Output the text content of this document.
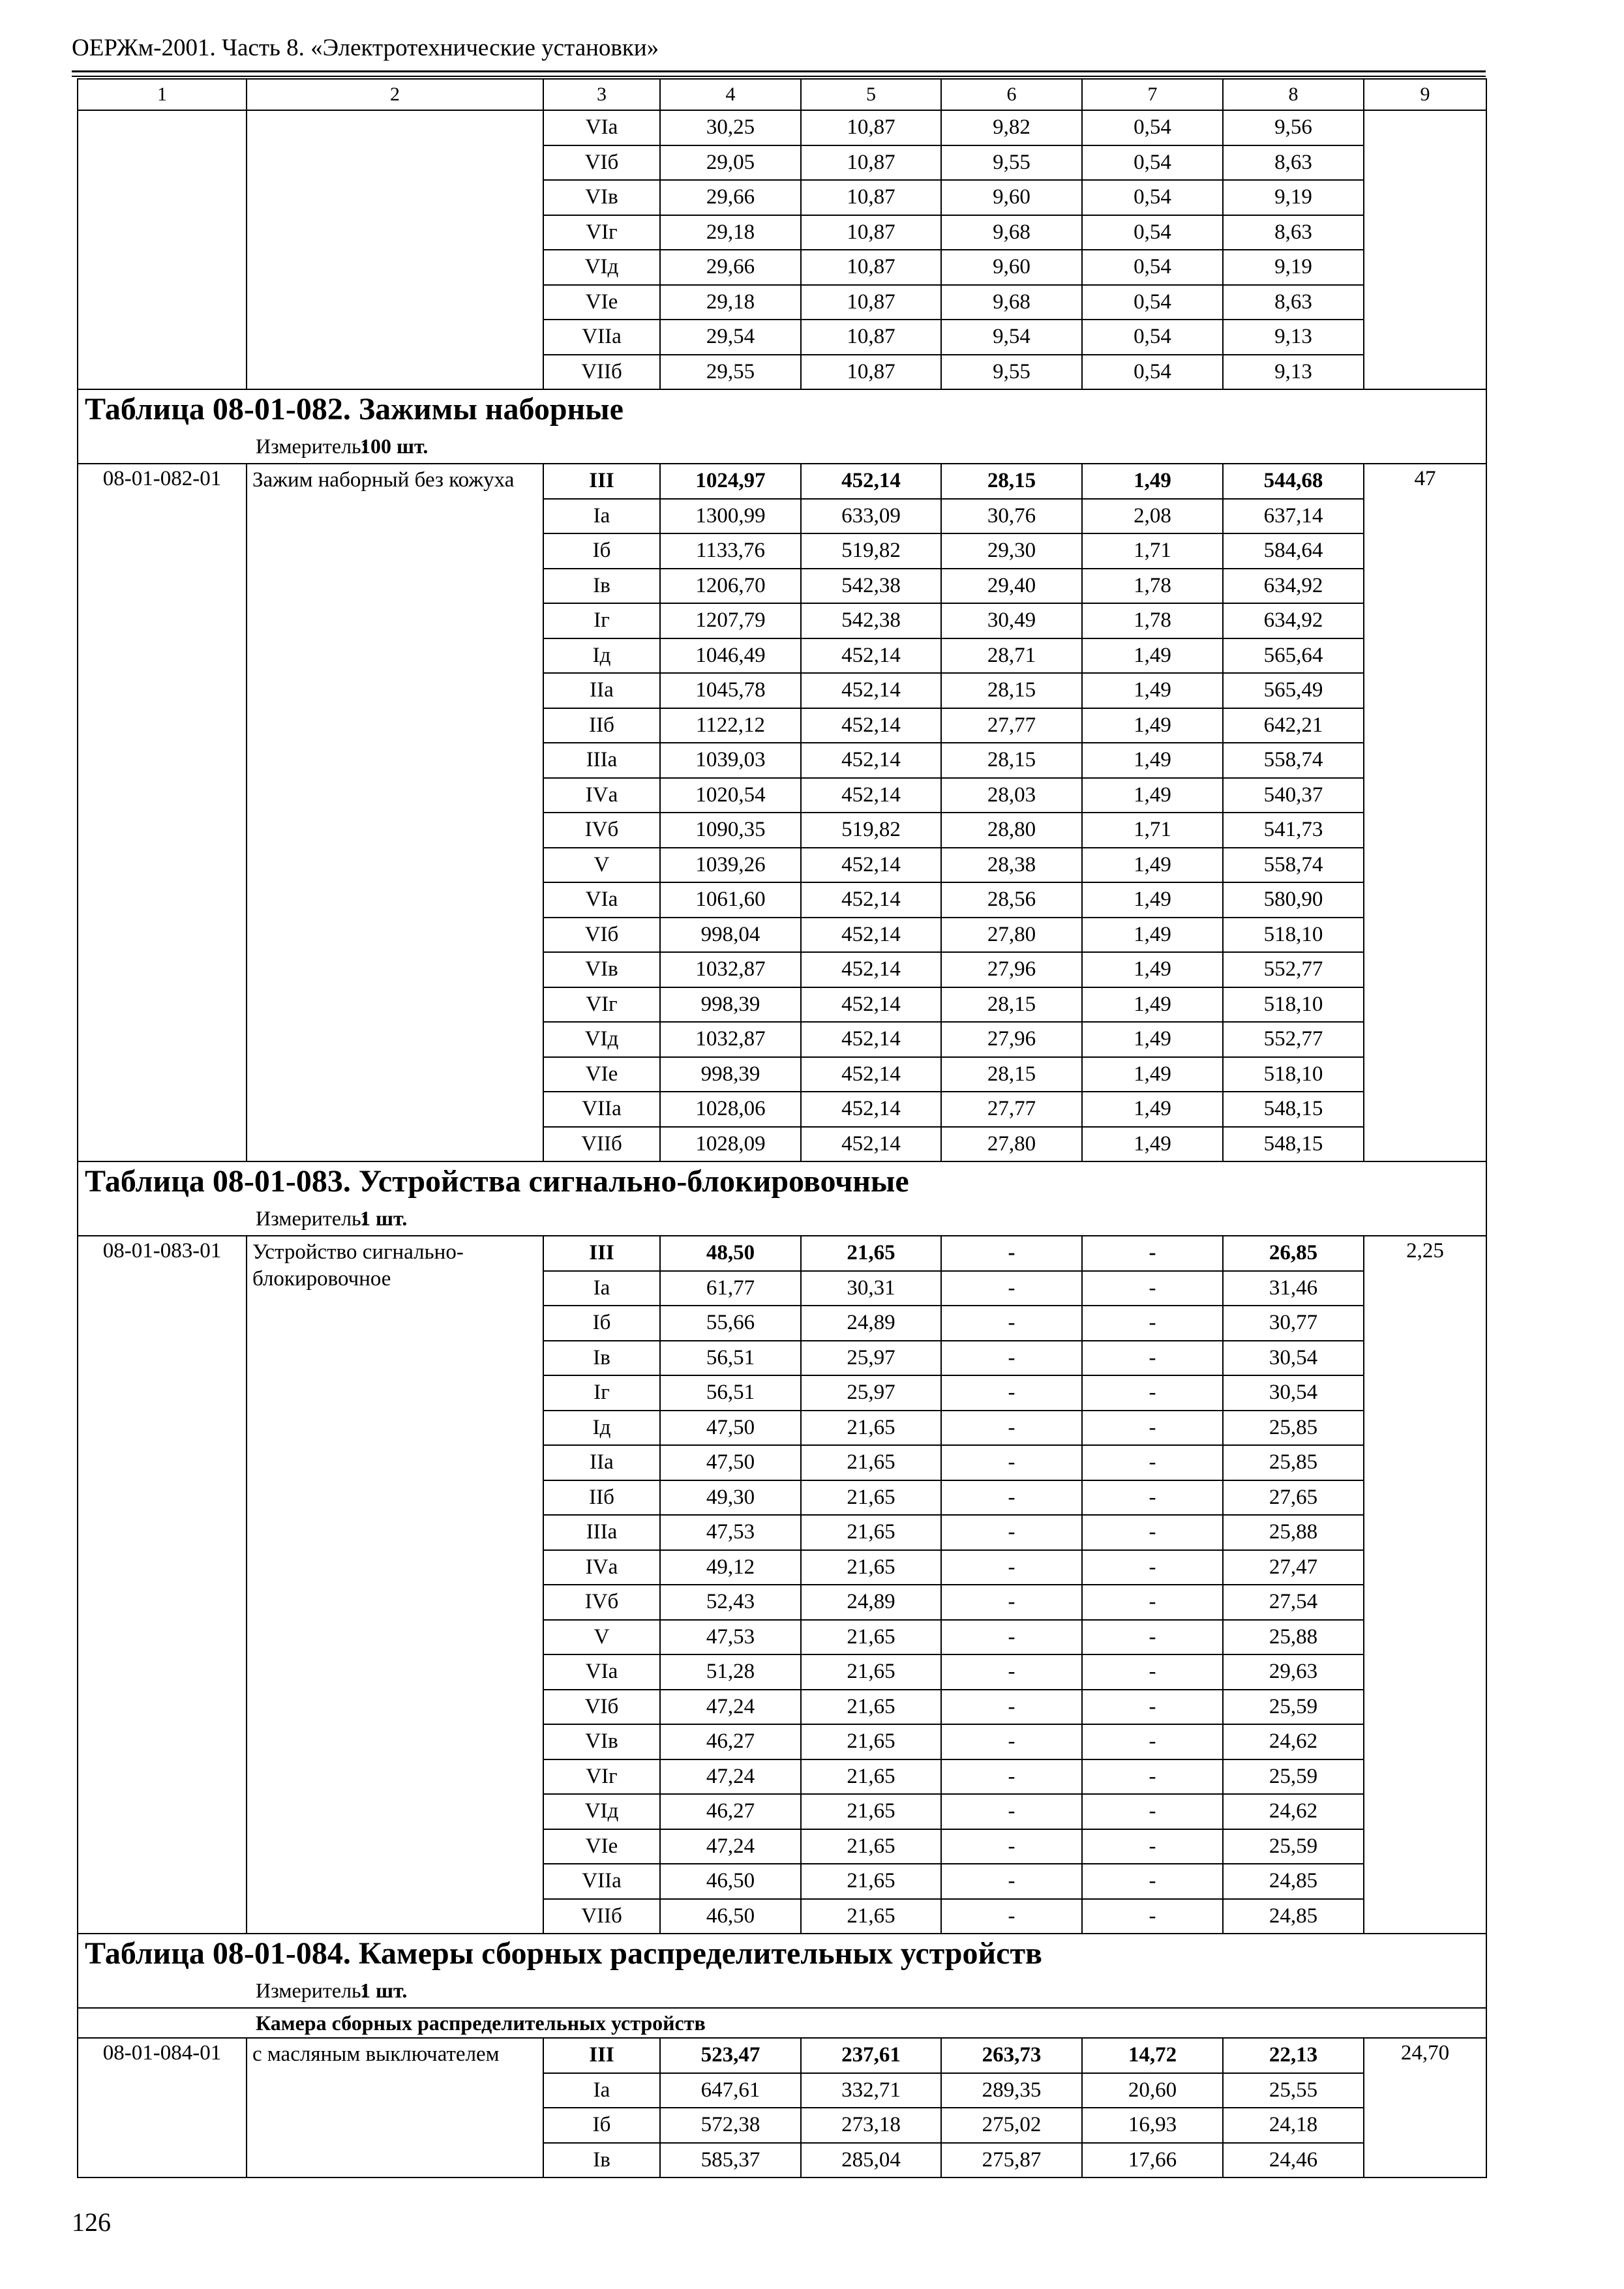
ОЕРЖм-2001. Часть 8. «Электротехнические установки»
1	2	3	4	5	6	7	8	9
		VIа	30,25	10,87	9,82	0,54	9,56	
		VIб	29,05	10,87	9,55	0,54	8,63	
		VIв	29,66	10,87	9,60	0,54	9,19	
		VIг	29,18	10,87	9,68	0,54	8,63	
		VIд	29,66	10,87	9,60	0,54	9,19	
		VIе	29,18	10,87	9,68	0,54	8,63	
		VIIа	29,54	10,87	9,54	0,54	9,13	
		VIIб	29,55	10,87	9,55	0,54	9,13	
Таблица 08-01-082. Зажимы наборные								
Измеритель:100 шт.								
08-01-082-01	Зажим наборный без кожуха	III	1024,97	452,14	28,15	1,49	544,68	47
		Iа	1300,99	633,09	30,76	2,08	637,14	
		Iб	1133,76	519,82	29,30	1,71	584,64	
		Iв	1206,70	542,38	29,40	1,78	634,92	
		Iг	1207,79	542,38	30,49	1,78	634,92	
		Iд	1046,49	452,14	28,71	1,49	565,64	
		IIа	1045,78	452,14	28,15	1,49	565,49	
		IIб	1122,12	452,14	27,77	1,49	642,21	
		IIIа	1039,03	452,14	28,15	1,49	558,74	
		IVа	1020,54	452,14	28,03	1,49	540,37	
		IVб	1090,35	519,82	28,80	1,71	541,73	
		V	1039,26	452,14	28,38	1,49	558,74	
		VIа	1061,60	452,14	28,56	1,49	580,90	
		VIб	998,04	452,14	27,80	1,49	518,10	
		VIв	1032,87	452,14	27,96	1,49	552,77	
		VIг	998,39	452,14	28,15	1,49	518,10	
		VIд	1032,87	452,14	27,96	1,49	552,77	
		VIе	998,39	452,14	28,15	1,49	518,10	
		VIIа	1028,06	452,14	27,77	1,49	548,15	
		VIIб	1028,09	452,14	27,80	1,49	548,15	
Таблица 08-01-083. Устройства сигнально-блокировочные								
Измеритель:1 шт.								
08-01-083-01	Устройство сигнально-блокировочное	III	48,50	21,65	-	-	26,85	2,25
		Iа	61,77	30,31	-	-	31,46	
		Iб	55,66	24,89	-	-	30,77	
		Iв	56,51	25,97	-	-	30,54	
		Iг	56,51	25,97	-	-	30,54	
		Iд	47,50	21,65	-	-	25,85	
		IIа	47,50	21,65	-	-	25,85	
		IIб	49,30	21,65	-	-	27,65	
		IIIа	47,53	21,65	-	-	25,88	
		IVа	49,12	21,65	-	-	27,47	
		IVб	52,43	24,89	-	-	27,54	
		V	47,53	21,65	-	-	25,88	
		VIа	51,28	21,65	-	-	29,63	
		VIб	47,24	21,65	-	-	25,59	
		VIв	46,27	21,65	-	-	24,62	
		VIг	47,24	21,65	-	-	25,59	
		VIд	46,27	21,65	-	-	24,62	
		VIе	47,24	21,65	-	-	25,59	
		VIIа	46,50	21,65	-	-	24,85	
		VIIб	46,50	21,65	-	-	24,85	
Таблица 08-01-084. Камеры сборных распределительных устройств								
Измеритель:1 шт.								
Камера сборных распределительных устройств								
08-01-084-01	с масляным выключателем	III	523,47	237,61	263,73	14,72	22,13	24,70
		Iа	647,61	332,71	289,35	20,60	25,55	
		Iб	572,38	273,18	275,02	16,93	24,18	
		Iв	585,37	285,04	275,87	17,66	24,46	
126
